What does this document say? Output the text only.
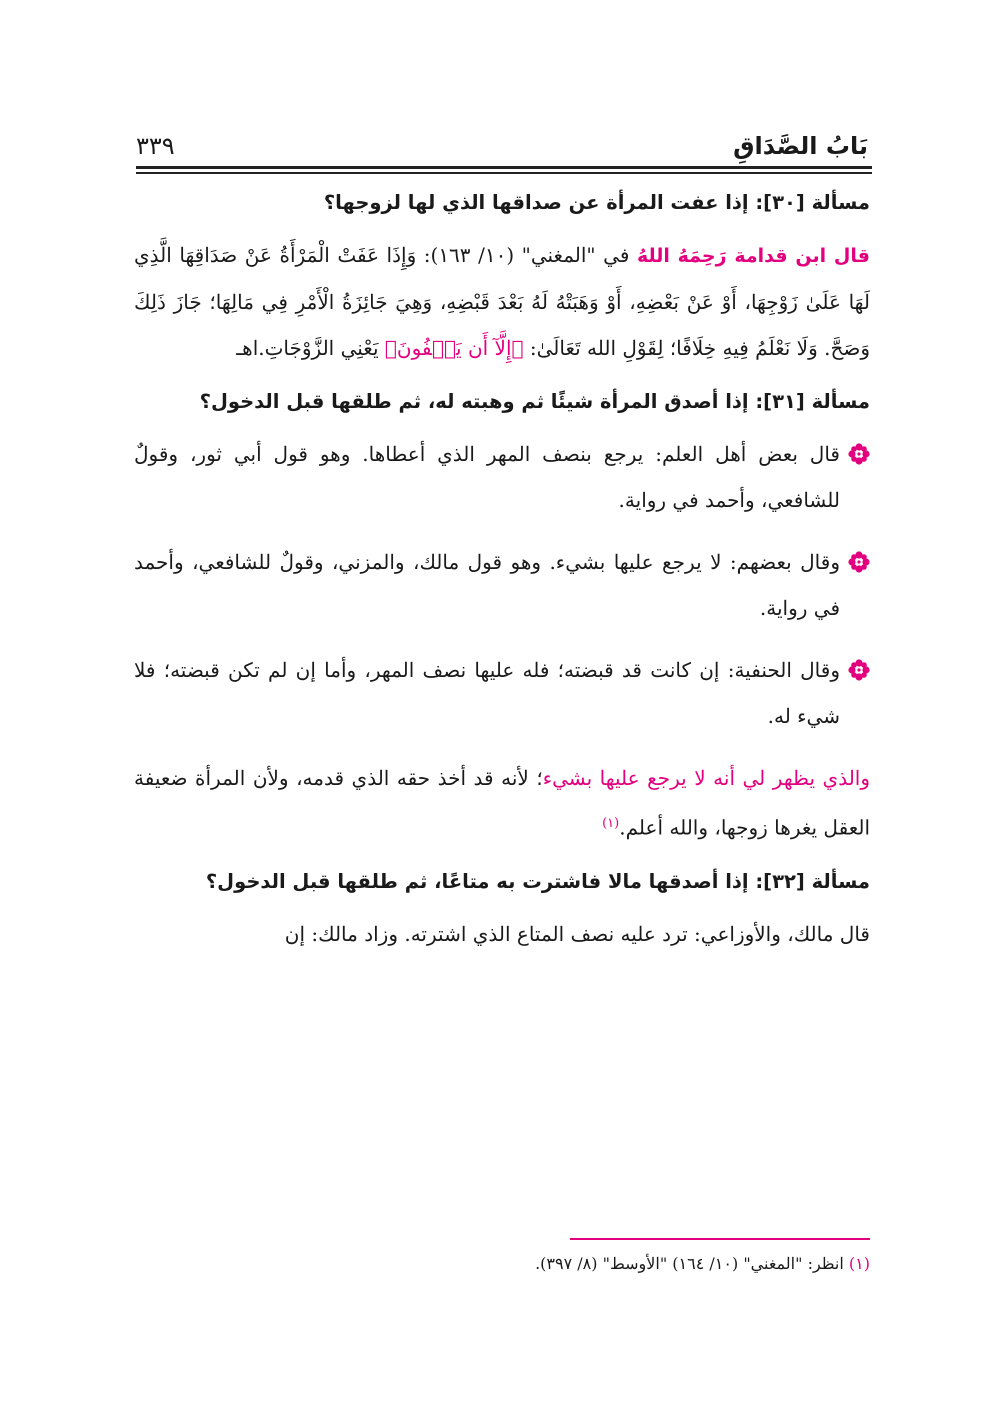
بَابُ الصَّدَاقِ
٣٣٩
مسألة [٣٠]: إذا عفت المرأة عن صداقها الذي لها لزوجها؟

قال ابن قدامة رَحِمَهُ اللهُ في "المغني" (١٠/ ١٦٣): وَإِذَا عَفَتْ الْمَرْأَةُ عَنْ صَدَاقِهَا الَّذِي لَهَا عَلَىٰ زَوْجِهَا، أَوْ عَنْ بَعْضِهِ، أَوْ وَهَبَتْهُ لَهُ بَعْدَ قَبْضِهِ، وَهِيَ جَائِزَةُ الْأَمْرِ فِي مَالِهَا؛ جَازَ ذَلِكَ وَصَحَّ. وَلَا نَعْلَمُ فِيهِ خِلَافًا؛ لِقَوْلِ الله تَعَالَىٰ: ﴿إِلَّآ أَن يَعۡفُونَ﴾ يَعْنِي الزَّوْجَاتِ.اهـ

مسألة [٣١]: إذا أصدق المرأة شيئًا ثم وهبته له، ثم طلقها قبل الدخول؟

قال بعض أهل العلم: يرجع بنصف المهر الذي أعطاها. وهو قول أبي ثور، وقولٌ للشافعي، وأحمد في رواية.

وقال بعضهم: لا يرجع عليها بشيء. وهو قول مالك، والمزني، وقولٌ للشافعي، وأحمد في رواية.

وقال الحنفية: إن كانت قد قبضته؛ فله عليها نصف المهر، وأما إن لم تكن قبضته؛ فلا شيء له.

والذي يظهر لي أنه لا يرجع عليها بشيء؛ لأنه قد أخذ حقه الذي قدمه، ولأن المرأة ضعيفة العقل يغرها زوجها، والله أعلم.$^{(١)}$

مسألة [٣٢]: إذا أصدقها مالا فاشترت به متاعًا، ثم طلقها قبل الدخول؟

قال مالك، والأوزاعي: ترد عليه نصف المتاع الذي اشترته. وزاد مالك: إن

(١) انظر: "المغني" (١٠/ ١٦٤) "الأوسط" (٨/ ٣٩٧).
